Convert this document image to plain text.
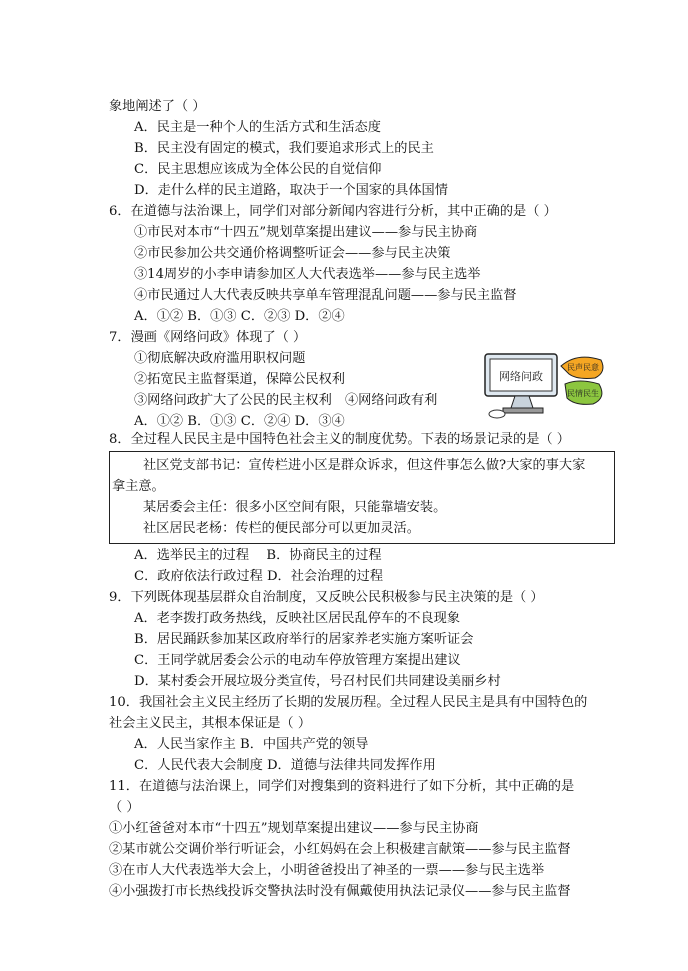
象地阐述了（ ）
A．民主是一种个人的生活方式和生活态度
B．民主没有固定的模式，我们要追求形式上的民主
C．民主思想应该成为全体公民的自觉信仰
D．走什么样的民主道路，取决于一个国家的具体国情
6．在道德与法治课上，同学们对部分新闻内容进行分析，其中正确的是（ ）
①市民对本市“十四五”规划草案提出建议——参与民主协商
②市民参加公共交通价格调整听证会——参与民主决策
③14周岁的小李申请参加区人大代表选举——参与民主选举
④市民通过人大代表反映共享单车管理混乱问题——参与民主监督
A．①② B．①③ C．②③ D．②④
7．漫画《网络问政》体现了（ ）
①彻底解决政府滥用职权问题
②拓宽民主监督渠道，保障公民权利
③网络问政扩大了公民的民主权利　④网络问政有利
A．①② B．①③ C．②④ D．③④
网络问政
民声民意
民情民生
8．全过程人民民主是中国特色社会主义的制度优势。下表的场景记录的是（ ）
社区党支部书记：宣传栏进小区是群众诉求，但这件事怎么做?大家的事大家
拿主意。
某居委会主任：很多小区空间有限，只能靠墙安装。
社区居民老杨：传栏的便民部分可以更加灵活。
A．选举民主的过程　 B．协商民主的过程
C．政府依法行政过程 D．社会治理的过程
9．下列既体现基层群众自治制度，又反映公民积极参与民主决策的是（ ）
A．老李拨打政务热线，反映社区居民乱停车的不良现象
B．居民踊跃参加某区政府举行的居家养老实施方案听证会
C．王同学就居委会公示的电动车停放管理方案提出建议
D．某村委会开展垃圾分类宣传，号召村民们共同建设美丽乡村
10．我国社会主义民主经历了长期的发展历程。全过程人民民主是具有中国特色的
社会主义民主，其根本保证是（ ）
A．人民当家作主 B．中国共产党的领导
C．人民代表大会制度 D．道德与法律共同发挥作用
11．在道德与法治课上，同学们对搜集到的资料进行了如下分析，其中正确的是
（ ）
①小红爸爸对本市“十四五”规划草案提出建议——参与民主协商
②某市就公交调价举行听证会，小红妈妈在会上积极建言献策——参与民主监督
③在市人大代表选举大会上，小明爸爸投出了神圣的一票——参与民主选举
④小强拨打市长热线投诉交警执法时没有佩戴使用执法记录仪——参与民主监督
